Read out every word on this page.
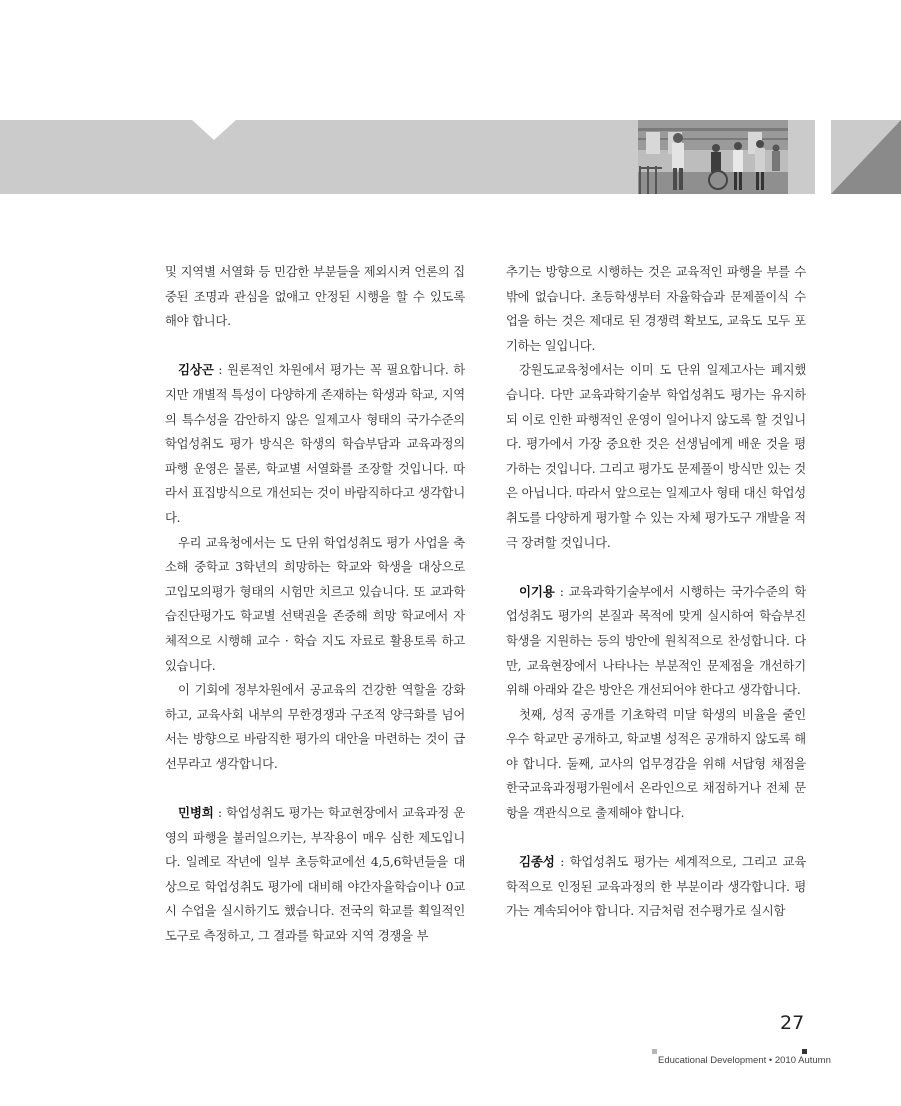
및 지역별 서열화 등 민감한 부분들을 제외시켜 언론의 집중된 조명과 관심을 없애고 안정된 시행을 할 수 있도록 해야 합니다.

김상곤 : 원론적인 차원에서 평가는 꼭 필요합니다. 하지만 개별적 특성이 다양하게 존재하는 학생과 학교, 지역의 특수성을 감안하지 않은 일제고사 형태의 국가수준의 학업성취도 평가 방식은 학생의 학습부담과 교육과정의 파행 운영은 물론, 학교별 서열화를 조장할 것입니다. 따라서 표집방식으로 개선되는 것이 바람직하다고 생각합니다.

우리 교육청에서는 도 단위 학업성취도 평가 사업을 축소해 중학교 3학년의 희망하는 학교와 학생을 대상으로 고입모의평가 형태의 시험만 치르고 있습니다. 또 교과학습진단평가도 학교별 선택권을 존중해 희망 학교에서 자체적으로 시행해 교수 · 학습 지도 자료로 활용토록 하고 있습니다.

이 기회에 정부차원에서 공교육의 건강한 역할을 강화하고, 교육사회 내부의 무한경쟁과 구조적 양극화를 넘어서는 방향으로 바람직한 평가의 대안을 마련하는 것이 급선무라고 생각합니다.

민병희 : 학업성취도 평가는 학교현장에서 교육과정 운영의 파행을 불러일으키는, 부작용이 매우 심한 제도입니다. 일례로 작년에 일부 초등학교에선 4,5,6학년들을 대상으로 학업성취도 평가에 대비해 야간자율학습이나 0교시 수업을 실시하기도 했습니다. 전국의 학교를 획일적인 도구로 측정하고, 그 결과를 학교와 지역 경쟁을 부

추기는 방향으로 시행하는 것은 교육적인 파행을 부를 수밖에 없습니다. 초등학생부터 자율학습과 문제풀이식 수업을 하는 것은 제대로 된 경쟁력 확보도, 교육도 모두 포기하는 일입니다.

강원도교육청에서는 이미 도 단위 일제고사는 폐지했습니다. 다만 교육과학기술부 학업성취도 평가는 유지하되 이로 인한 파행적인 운영이 일어나지 않도록 할 것입니다. 평가에서 가장 중요한 것은 선생님에게 배운 것을 평가하는 것입니다. 그리고 평가도 문제풀이 방식만 있는 것은 아닙니다. 따라서 앞으로는 일제고사 형태 대신 학업성취도를 다양하게 평가할 수 있는 자체 평가도구 개발을 적극 장려할 것입니다.

이기용 : 교육과학기술부에서 시행하는 국가수준의 학업성취도 평가의 본질과 목적에 맞게 실시하여 학습부진 학생을 지원하는 등의 방안에 원칙적으로 찬성합니다. 다만, 교육현장에서 나타나는 부분적인 문제점을 개선하기 위해 아래와 같은 방안은 개선되어야 한다고 생각합니다.

첫째, 성적 공개를 기초학력 미달 학생의 비율을 줄인 우수 학교만 공개하고, 학교별 성적은 공개하지 않도록 해야 합니다. 둘째, 교사의 업무경감을 위해 서답형 채점을 한국교육과정평가원에서 온라인으로 채점하거나 전체 문항을 객관식으로 출제해야 합니다.

김종성 : 학업성취도 평가는 세계적으로, 그리고 교육학적으로 인정된 교육과정의 한 부분이라 생각합니다. 평가는 계속되어야 합니다. 지금처럼 전수평가로 실시함

27
Educational Development • 2010 Autumn
